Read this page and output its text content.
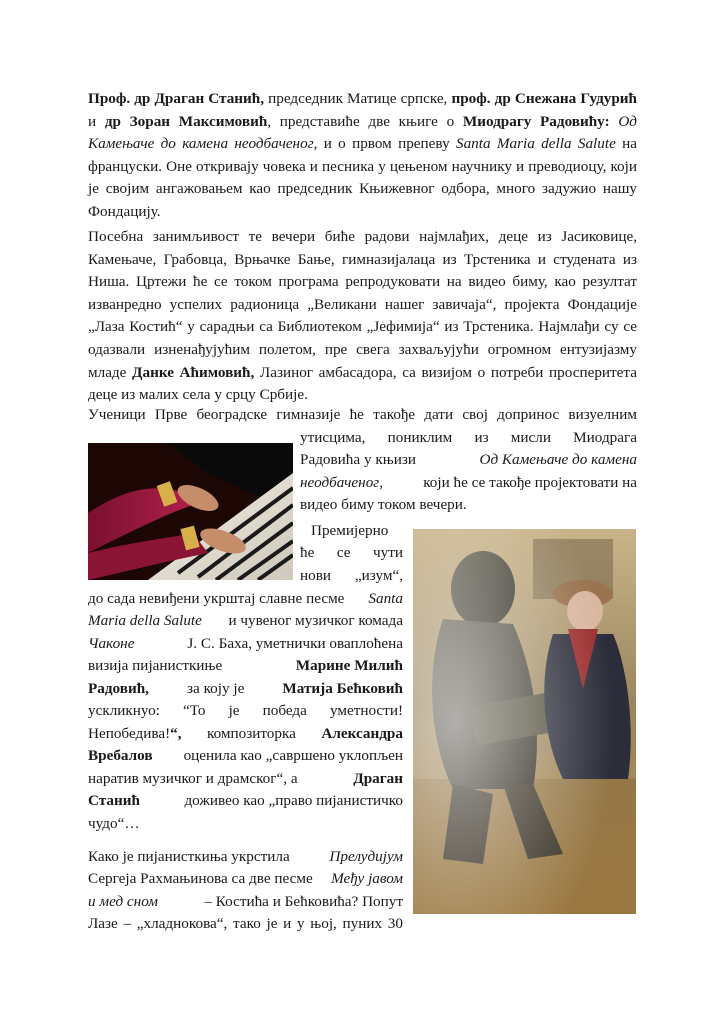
Проф. др Драган Станић, председник Матице српске, проф. др Снежана Гудурић и др Зоран Максимовић, представиће две књиге о Миодрагу Радовићу: Од Камењаче до камена неодбаченог, и о првом препеву Santa Maria della Salute на француски. Оне откривају човека и песника у цењеном научнику и преводиоцу, који је својим ангажовањем као председник Књижевног одбора, много задужио нашу Фондацију.

Посебна занимљивост те вечери биће радови најмлађих, деце из Јасиковице, Камењаче, Грабовца, Врњачке Бање, гимназијалаца из Трстеника и студената из Ниша. Цртежи ће се током програма репродуковати на видео биму, као резултат изванредно успелих радионица „Великани нашег завичаја“, пројекта Фондације „Лаза Костић“ у сарадњи са Библиотеком „Јефимија“ из Трстеника. Најмлађи су се одазвали изненађујућим полетом, пре свега захваљујући огромном ентузијазму младе Данке Аћимовић, Лазиног амбасадора, са визијом о потреби просперитета деце из малих села у срцу Србије.

Ученици Прве београдске гимназије ће такође дати свој допринос визуелним
утисцима, пониклим из мисли Миодрага
Радовића у књизи	Од Камењаче до камена
неодбаченог,	који ће се такође пројектовати на
видео биму током вечери.
Премијерно
ће се чути
нови „изум“,
до сада невиђени укрштај славне песме Santa
Maria della Salute и чувеног музичког комада
Чаконе	Ј. С. Баха, уметнички оваплоћена
визија пијанисткиње	Марине Милић
Радовић,	за коју је	Матија Бећковић
ускликнуо: “То је победа уметности!
Непобедива!“, композиторка Александра
Вребалов оценила као „савршено уклопљен
наратив музичког и драмског“, а	Драган
Станић	доживео као „право пијанистичко
чудо“…
Како је пијанисткиња укрстила	Прелудијум
Сергеја Рахмањинова са две песме Међу јавом
и мед сном	– Костића и Бећковића? Попут
Лазе – „хладнокова“, тако је и у њој, пуних 30
